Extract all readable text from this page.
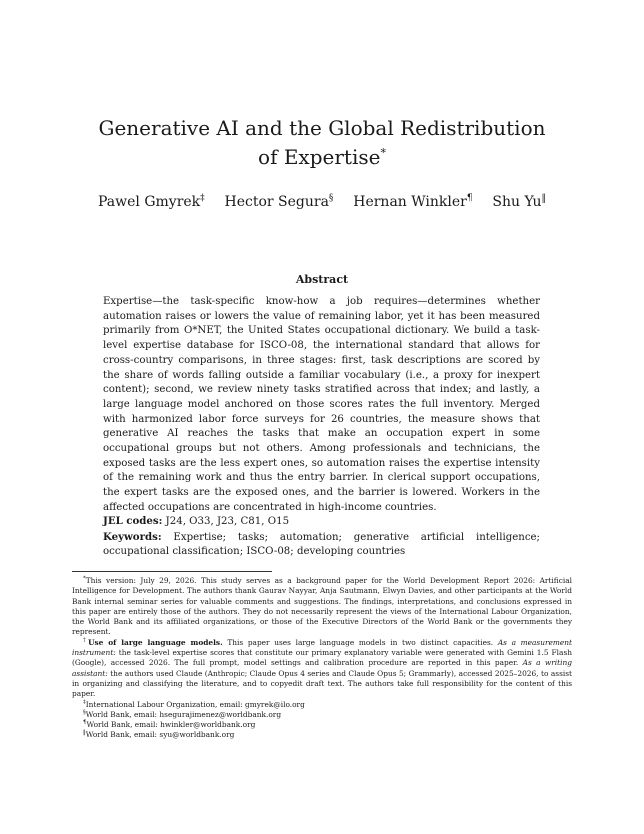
Generative AI and the Global Redistribution of Expertise*
Pawel Gmyrek‡ Hector Segura§ Hernan Winkler¶ Shu Yu‖
Abstract

Expertise—the task-specific know-how a job requires—determines whether automation raises or lowers the value of remaining labor, yet it has been measured primarily from O*NET, the United States occupational dictionary. We build a task-level expertise database for ISCO-08, the international standard that allows for cross-country comparisons, in three stages: first, task descriptions are scored by the share of words falling outside a familiar vocabulary (i.e., a proxy for inexpert content); second, we review ninety tasks stratified across that index; and lastly, a large language model anchored on those scores rates the full inventory. Merged with harmonized labor force surveys for 26 countries, the measure shows that generative AI reaches the tasks that make an occupation expert in some occupational groups but not others. Among professionals and technicians, the exposed tasks are the less expert ones, so automation raises the expertise intensity of the remaining work and thus the entry barrier. In clerical support occupations, the expert tasks are the exposed ones, and the barrier is lowered. Workers in the affected occupations are concentrated in high-income countries.

JEL codes: J24, O33, J23, C81, O15
Keywords: Expertise; tasks; automation; generative artificial intelligence; occupational classification; ISCO-08; developing countries

*This version: July 29, 2026. This study serves as a background paper for the World Development Report 2026: Artificial Intelligence for Development. The authors thank Gaurav Nayyar, Anja Sautmann, Elwyn Davies, and other participants at the World Bank internal seminar series for valuable comments and suggestions. The findings, interpretations, and conclusions expressed in this paper are entirely those of the authors. They do not necessarily represent the views of the International Labour Organization, the World Bank and its affiliated organizations, or those of the Executive Directors of the World Bank or the governments they represent.

†Use of large language models. This paper uses large language models in two distinct capacities. As a measurement instrument: the task-level expertise scores that constitute our primary explanatory variable were generated with Gemini 1.5 Flash (Google), accessed 2026. The full prompt, model settings and calibration procedure are reported in this paper. As a writing assistant: the authors used Claude (Anthropic; Claude Opus 4 series and Claude Opus 5; Grammarly), accessed 2025–2026, to assist in organizing and classifying the literature, and to copyedit draft text. The authors take full responsibility for the content of this paper.

‡International Labour Organization, email: gmyrek@ilo.org

§World Bank, email: hsegurajimenez@worldbank.org

¶World Bank, email: hwinkler@worldbank.org

‖World Bank, email: syu@worldbank.org
